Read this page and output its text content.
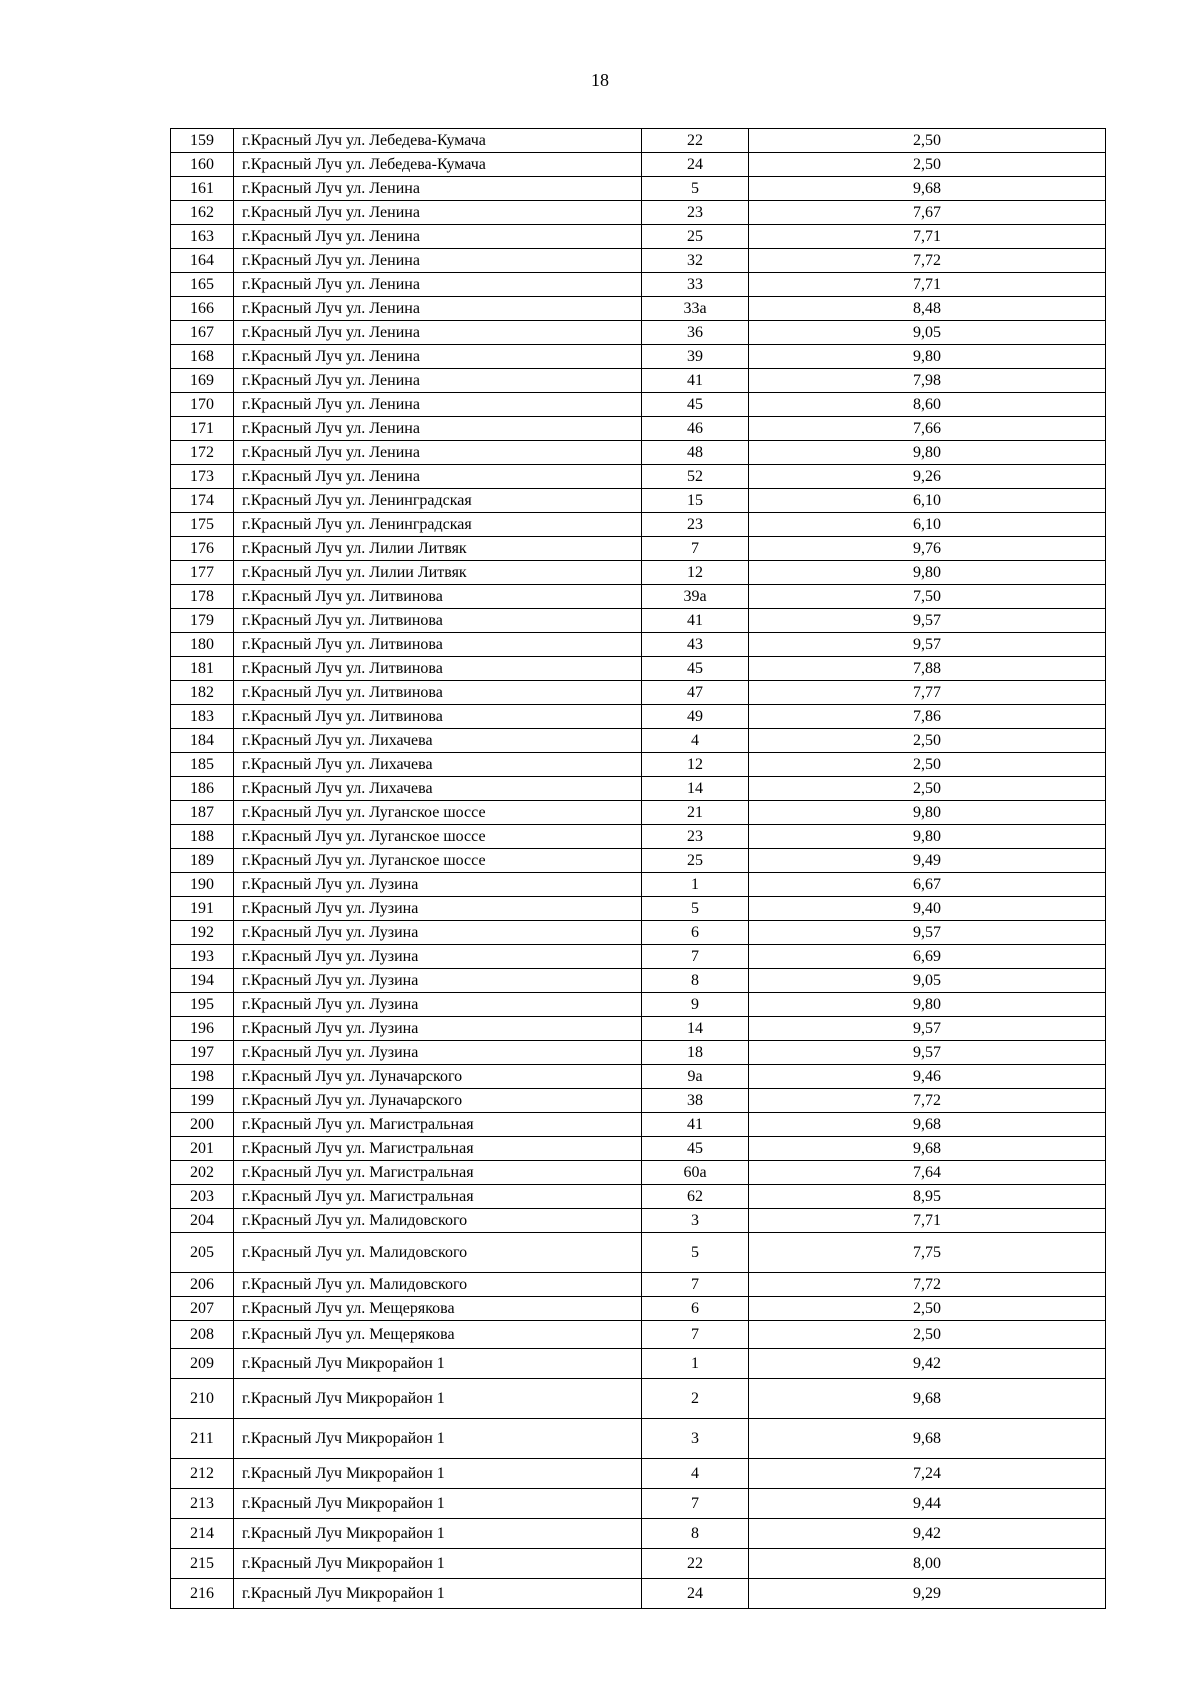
18
159	г.Красный Луч ул. Лебедева-Кумача	22	2,50
160	г.Красный Луч ул. Лебедева-Кумача	24	2,50
161	г.Красный Луч ул. Ленина	5	9,68
162	г.Красный Луч ул. Ленина	23	7,67
163	г.Красный Луч ул. Ленина	25	7,71
164	г.Красный Луч ул. Ленина	32	7,72
165	г.Красный Луч ул. Ленина	33	7,71
166	г.Красный Луч ул. Ленина	33а	8,48
167	г.Красный Луч ул. Ленина	36	9,05
168	г.Красный Луч ул. Ленина	39	9,80
169	г.Красный Луч ул. Ленина	41	7,98
170	г.Красный Луч ул. Ленина	45	8,60
171	г.Красный Луч ул. Ленина	46	7,66
172	г.Красный Луч ул. Ленина	48	9,80
173	г.Красный Луч ул. Ленина	52	9,26
174	г.Красный Луч ул. Ленинградская	15	6,10
175	г.Красный Луч ул. Ленинградская	23	6,10
176	г.Красный Луч ул. Лилии Литвяк	7	9,76
177	г.Красный Луч ул. Лилии Литвяк	12	9,80
178	г.Красный Луч ул. Литвинова	39а	7,50
179	г.Красный Луч ул. Литвинова	41	9,57
180	г.Красный Луч ул. Литвинова	43	9,57
181	г.Красный Луч ул. Литвинова	45	7,88
182	г.Красный Луч ул. Литвинова	47	7,77
183	г.Красный Луч ул. Литвинова	49	7,86
184	г.Красный Луч ул. Лихачева	4	2,50
185	г.Красный Луч ул. Лихачева	12	2,50
186	г.Красный Луч ул. Лихачева	14	2,50
187	г.Красный Луч ул. Луганское шоссе	21	9,80
188	г.Красный Луч ул. Луганское шоссе	23	9,80
189	г.Красный Луч ул. Луганское шоссе	25	9,49
190	г.Красный Луч ул. Лузина	1	6,67
191	г.Красный Луч ул. Лузина	5	9,40
192	г.Красный Луч ул. Лузина	6	9,57
193	г.Красный Луч ул. Лузина	7	6,69
194	г.Красный Луч ул. Лузина	8	9,05
195	г.Красный Луч ул. Лузина	9	9,80
196	г.Красный Луч ул. Лузина	14	9,57
197	г.Красный Луч ул. Лузина	18	9,57
198	г.Красный Луч ул. Луначарского	9а	9,46
199	г.Красный Луч ул. Луначарского	38	7,72
200	г.Красный Луч ул. Магистральная	41	9,68
201	г.Красный Луч ул. Магистральная	45	9,68
202	г.Красный Луч ул. Магистральная	60а	7,64
203	г.Красный Луч ул. Магистральная	62	8,95
204	г.Красный Луч ул. Малидовского	3	7,71
205	г.Красный Луч ул. Малидовского	5	7,75
206	г.Красный Луч ул. Малидовского	7	7,72
207	г.Красный Луч ул. Мещерякова	6	2,50
208	г.Красный Луч ул. Мещерякова	7	2,50
209	г.Красный Луч Микрорайон 1	1	9,42
210	г.Красный Луч Микрорайон 1	2	9,68
211	г.Красный Луч Микрорайон 1	3	9,68
212	г.Красный Луч Микрорайон 1	4	7,24
213	г.Красный Луч Микрорайон 1	7	9,44
214	г.Красный Луч Микрорайон 1	8	9,42
215	г.Красный Луч Микрорайон 1	22	8,00
216	г.Красный Луч Микрорайон 1	24	9,29
